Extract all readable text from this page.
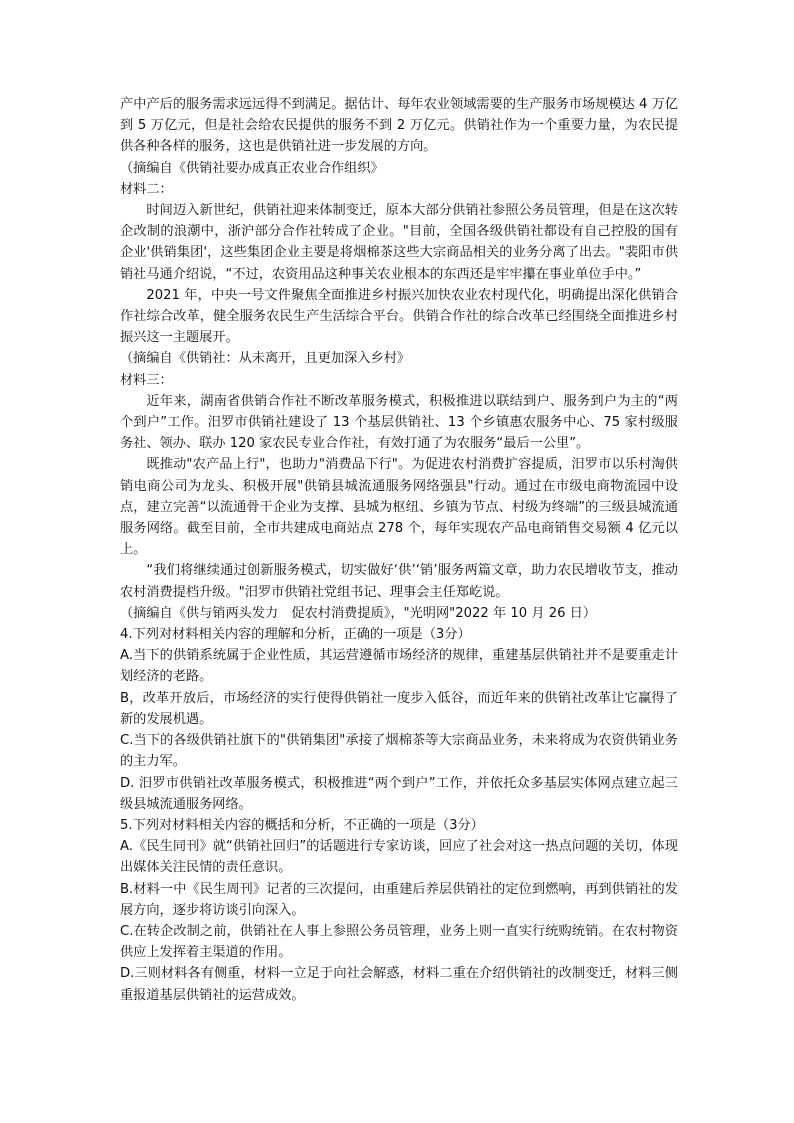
产中产后的服务需求远远得不到满足。据估计、每年农业领域需要的生产服务市场规模达 4 万亿到 5 万亿元，但是社会给农民提供的服务不到 2 万亿元。供销社作为一个重要力量，为农民提供各种各样的服务，这也是供销社进一步发展的方向。

（摘编自《供销社要办成真正农业合作组织》

材料二：

时间迈入新世纪，供销社迎来体制变迁，原本大部分供销社参照公务员管理，但是在这次转企改制的浪潮中，浙沪部分合作社转成了企业。"目前，全国各级供销社都设有自己控股的国有企业'供销集团'，这些集团企业主要是将烟棉茶这些大宗商品相关的业务分离了出去。"裴阳市供销社马通介绍说，“不过，农资用品这种事关农业根本的东西还是牢牢攥在事业单位手中。”

2021 年，中央一号文件聚焦全面推进乡村振兴加快农业农村现代化，明确提出深化供销合作社综合改革，健全服务农民生产生活综合平台。供销合作社的综合改革已经围绕全面推进乡村振兴这一主题展开。

（摘编自《供销社：从未离开，且更加深入乡村》

材料三：

近年来，湖南省供销合作社不断改革服务模式，积极推进以联结到户、服务到户为主的“两个到户”工作。汨罗市供销社建设了 13 个基层供销社、13 个乡镇惠农服务中心、75 家村级服务社、领办、联办 120 家农民专业合作社，有效打通了为农服务“最后一公里”。

既推动"农产品上行"，也助力"消费品下行"。为促进农村消费扩容提质，汨罗市以乐村淘供销电商公司为龙头、积极开展"供销县城流通服务网络强县"行动。通过在市级电商物流园中设点，建立完善“以流通骨干企业为支撑、县城为枢纽、乡镇为节点、村级为终端”的三级县城流通服务网络。截至目前，全市共建成电商站点 278 个，每年实现农产品电商销售交易额 4 亿元以上。

“我们将继续通过创新服务模式，切实做好‘供’‘销’服务两篇文章，助力农民增收节支，推动农村消费提档升级。"汨罗市供销社党组书记、理事会主任郑屹说。

（摘编自《供与销两头发力　促农村消费提质》，"光明网"2022 年 10 月 26 日）

4.下列对材料相关内容的理解和分析，正确的一项是（3分）

A.当下的供销系统属于企业性质，其运营遵循市场经济的规律，重建基层供销社并不是要重走计划经济的老路。

B，改革开放后，市场经济的实行使得供销社一度步入低谷，而近年来的供销社改革让它赢得了新的发展机遇。

C.当下的各级供销社旗下的"供销集团"承接了烟棉茶等大宗商品业务，未来将成为农资供销业务的主力军。

D. 汨罗市供销社改革服务模式，积极推进“两个到户”工作，并依托众多基层实体网点建立起三级县城流通服务网络。

5.下列对材料相关内容的概括和分析，不正确的一项是（3分）

A.《民生同刊》就“供销社回归”的话题进行专家访谈，回应了社会对这一热点问题的关切，体现出媒体关注民情的责任意识。

B.材料一中《民生周刊》记者的三次提问，由重建后养层供销社的定位到燃响，再到供销社的发展方向，逐步将访谈引向深入。

C.在转企改制之前，供销社在人事上参照公务员管理，业务上则一直实行统购统销。在农村物资供应上发挥着主渠道的作用。

D.三则材料各有侧重，材料一立足于向社会解惑，材料二重在介绍供销社的改制变迁，材料三侧重报道基层供销社的运营成效。
